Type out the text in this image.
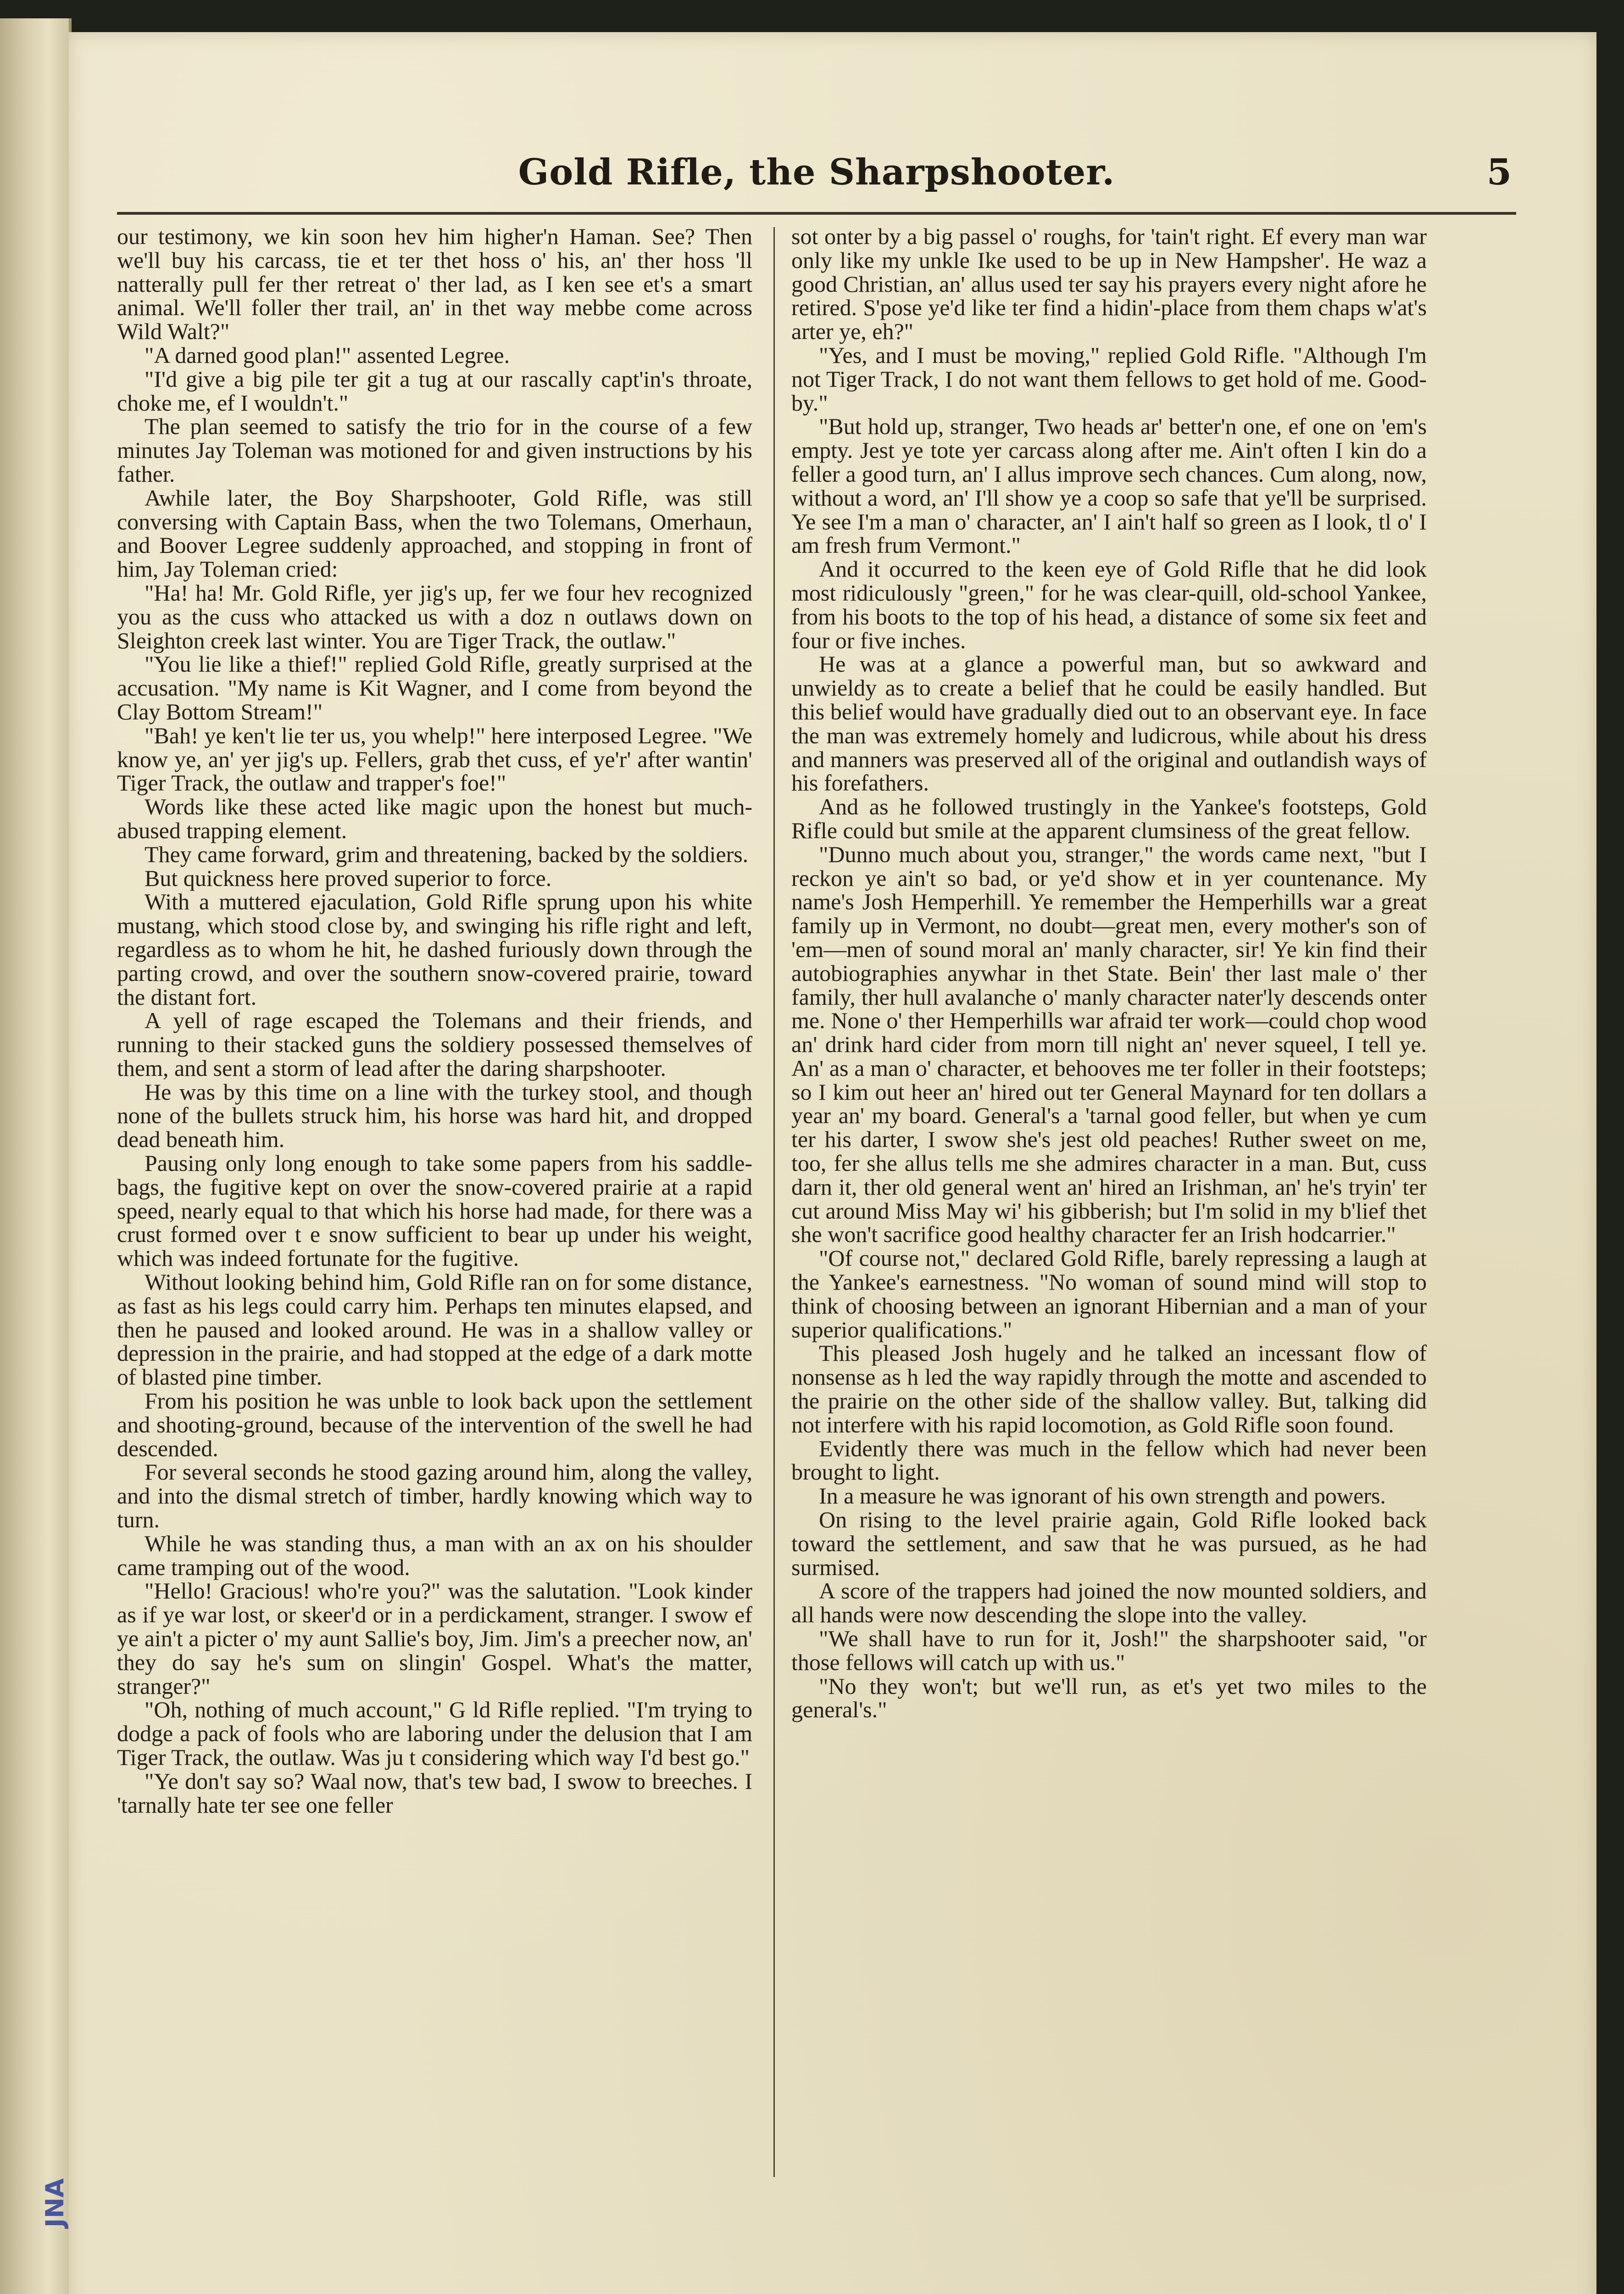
Gold Rifle, the Sharpshooter.	5

our testimony, we kin soon hev him higher'n Haman. See? Then we'll buy his carcass, tie et ter thet hoss o' his, an' ther hoss 'll natterally pull fer ther retreat o' ther lad, as I ken see et's a smart animal. We'll foller ther trail, an' in thet way mebbe come across Wild Walt?"

"A darned good plan!" assented Legree.

"I'd give a big pile ter git a tug at our rascally capt'in's throate, choke me, ef I wouldn't."

The plan seemed to satisfy the trio for in the course of a few minutes Jay Toleman was motioned for and given instructions by his father.

Awhile later, the Boy Sharpshooter, Gold Rifle, was still conversing with Captain Bass, when the two Tolemans, Omerhaun, and Boover Legree suddenly approached, and stopping in front of him, Jay Toleman cried:

"Ha! ha! Mr. Gold Rifle, yer jig's up, fer we four hev recognized you as the cuss who attacked us with a doz n outlaws down on Sleighton creek last winter. You are Tiger Track, the outlaw."

"You lie like a thief!" replied Gold Rifle, greatly surprised at the accusation. "My name is Kit Wagner, and I come from beyond the Clay Bottom Stream!"

"Bah! ye ken't lie ter us, you whelp!" here interposed Legree. "We know ye, an' yer jig's up. Fellers, grab thet cuss, ef ye'r' after wantin' Tiger Track, the outlaw and trapper's foe!"

Words like these acted like magic upon the honest but much-abused trapping element.

They came forward, grim and threatening, backed by the soldiers.

But quickness here proved superior to force.

With a muttered ejaculation, Gold Rifle sprung upon his white mustang, which stood close by, and swinging his rifle right and left, regardless as to whom he hit, he dashed furiously down through the parting crowd, and over the southern snow-covered prairie, toward the distant fort.

A yell of rage escaped the Tolemans and their friends, and running to their stacked guns the soldiery possessed themselves of them, and sent a storm of lead after the daring sharpshooter.

He was by this time on a line with the turkey stool, and though none of the bullets struck him, his horse was hard hit, and dropped dead beneath him.

Pausing only long enough to take some papers from his saddle-bags, the fugitive kept on over the snow-covered prairie at a rapid speed, nearly equal to that which his horse had made, for there was a crust formed over t e snow sufficient to bear up under his weight, which was indeed fortunate for the fugitive.

Without looking behind him, Gold Rifle ran on for some distance, as fast as his legs could carry him. Perhaps ten minutes elapsed, and then he paused and looked around. He was in a shallow valley or depression in the prairie, and had stopped at the edge of a dark motte of blasted pine timber.

From his position he was unble to look back upon the settlement and shooting-ground, because of the intervention of the swell he had descended.

For several seconds he stood gazing around him, along the valley, and into the dismal stretch of timber, hardly knowing which way to turn.

While he was standing thus, a man with an ax on his shoulder came tramping out of the wood.

"Hello! Gracious! who're you?" was the salutation. "Look kinder as if ye war lost, or skeer'd or in a perdickament, stranger. I swow ef ye ain't a picter o' my aunt Sallie's boy, Jim. Jim's a preecher now, an' they do say he's sum on slingin' Gospel. What's the matter, stranger?"

"Oh, nothing of much account," G ld Rifle replied. "I'm trying to dodge a pack of fools who are laboring under the delusion that I am Tiger Track, the outlaw. Was ju t considering which way I'd best go."

"Ye don't say so? Waal now, that's tew bad, I swow to breeches. I 'tarnally hate ter see one feller

sot onter by a big passel o' roughs, for 'tain't right. Ef every man war only like my unkle Ike used to be up in New Hampsher'. He waz a good Christian, an' allus used ter say his prayers every night afore he retired. S'pose ye'd like ter find a hidin'-place from them chaps w'at's arter ye, eh?"

"Yes, and I must be moving," replied Gold Rifle. "Although I'm not Tiger Track, I do not want them fellows to get hold of me. Good-by."

"But hold up, stranger, Two heads ar' better'n one, ef one on 'em's empty. Jest ye tote yer carcass along after me. Ain't often I kin do a feller a good turn, an' I allus improve sech chances. Cum along, now, without a word, an' I'll show ye a coop so safe that ye'll be surprised. Ye see I'm a man o' character, an' I ain't half so green as I look, tl o' I am fresh frum Vermont."

And it occurred to the keen eye of Gold Rifle that he did look most ridiculously "green," for he was clear-quill, old-school Yankee, from his boots to the top of his head, a distance of some six feet and four or five inches.

He was at a glance a powerful man, but so awkward and unwieldy as to create a belief that he could be easily handled. But this belief would have gradually died out to an observant eye. In face the man was extremely homely and ludicrous, while about his dress and manners was preserved all of the original and outlandish ways of his forefathers.

And as he followed trustingly in the Yankee's footsteps, Gold Rifle could but smile at the apparent clumsiness of the great fellow.

"Dunno much about you, stranger," the words came next, "but I reckon ye ain't so bad, or ye'd show et in yer countenance. My name's Josh Hemperhill. Ye remember the Hemperhills war a great family up in Vermont, no doubt—great men, every mother's son of 'em—men of sound moral an' manly character, sir! Ye kin find their autobiographies anywhar in thet State. Bein' ther last male o' ther family, ther hull avalanche o' manly character nater'ly descends onter me. None o' ther Hemperhills war afraid ter work—could chop wood an' drink hard cider from morn till night an' never squeel, I tell ye. An' as a man o' character, et behooves me ter foller in their footsteps; so I kim out heer an' hired out ter General Maynard for ten dollars a year an' my board. General's a 'tarnal good feller, but when ye cum ter his darter, I swow she's jest old peaches! Ruther sweet on me, too, fer she allus tells me she admires character in a man. But, cuss darn it, ther old general went an' hired an Irishman, an' he's tryin' ter cut around Miss May wi' his gibberish; but I'm solid in my b'lief thet she won't sacrifice good healthy character fer an Irish hodcarrier."

"Of course not," declared Gold Rifle, barely repressing a laugh at the Yankee's earnestness. "No woman of sound mind will stop to think of choosing between an ignorant Hibernian and a man of your superior qualifications."

This pleased Josh hugely and he talked an incessant flow of nonsense as h led the way rapidly through the motte and ascended to the prairie on the other side of the shallow valley. But, talking did not interfere with his rapid locomotion, as Gold Rifle soon found.

Evidently there was much in the fellow which had never been brought to light.

In a measure he was ignorant of his own strength and powers.

On rising to the level prairie again, Gold Rifle looked back toward the settlement, and saw that he was pursued, as he had surmised.

A score of the trappers had joined the now mounted soldiers, and all hands were now descending the slope into the valley.

"We shall have to run for it, Josh!" the sharpshooter said, "or those fellows will catch up with us."

"No they won't; but we'll run, as et's yet two miles to the general's."

JNA
